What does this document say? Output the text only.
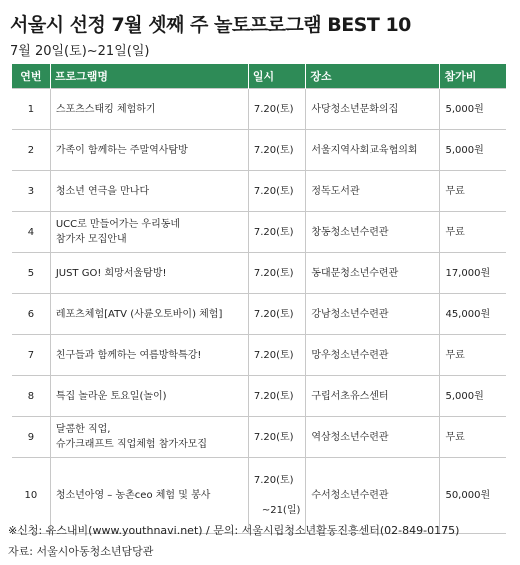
서울시 선정 7월 셋째 주 놀토프로그램 BEST 10
7월 20일(토)~21일(일)
연번	프로그램명	일시	장소	참가비
1	스포츠스태킹 체험하기	7.20(토)	사당청소년문화의집	5,000원
2	가족이 함께하는 주말역사탐방	7.20(토)	서울지역사회교육협의회	5,000원
3	청소년 연극을 만나다	7.20(토)	정독도서관	무료
4	UCC로 만들어가는 우리동네
참가자 모집안내	7.20(토)	창동청소년수련관	무료
5	JUST GO! 희망서울탐방!	7.20(토)	동대문청소년수련관	17,000원
6	레포츠체험[ATV (사륜오토바이) 체험]	7.20(토)	강남청소년수련관	45,000원
7	친구들과 함께하는 여름방학특강!	7.20(토)	망우청소년수련관	무료
8	특집 놀라운 토요일(놀이)	7.20(토)	구립서초유스센터	5,000원
9	달콤한 직업,
슈가크래프트 직업체험 참가자모집	7.20(토)	역삼청소년수련관	무료
10	청소년아영 – 농촌ceo 체험 및 봉사	7.20(토)

~21(일)	수서청소년수련관	50,000원
※신청: 유스내비(www.youthnavi.net) / 문의: 서울시립청소년활동진흥센터(02-849-0175)
자료: 서울시아동청소년담당관
